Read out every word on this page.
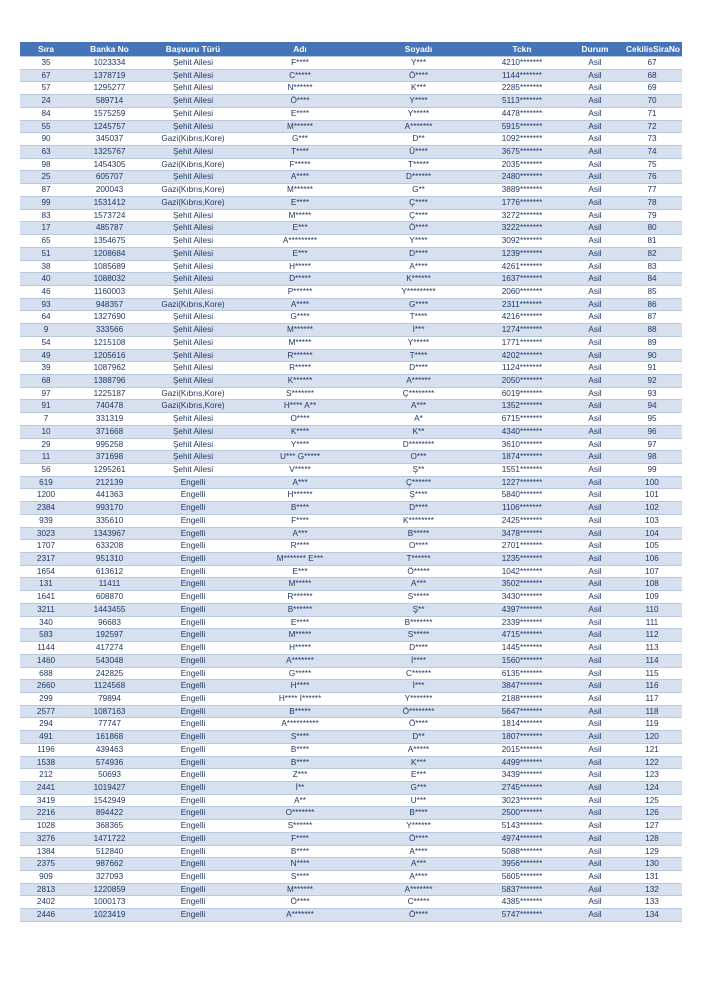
Sıra	Banka No	Başvuru Türü	Adı	Soyadı	Tckn	Durum	CekilisSiraNo
35	1023334	Şehit Ailesi	F****	Y***	4210*******	Asil	67
67	1378719	Şehit Ailesi	C*****	Ö****	1144*******	Asil	68
57	1295277	Şehit Ailesi	N******	K***	2285*******	Asil	69
24	589714	Şehit Ailesi	Ö****	Y****	5113*******	Asil	70
84	1575259	Şehit Ailesi	E****	Y*****	4478*******	Asil	71
55	1245757	Şehit Ailesi	M******	A*******	5915*******	Asil	72
90	345037	Gazi(Kıbrıs,Kore)	G***	D**	1092*******	Asil	73
63	1325767	Şehit Ailesi	T****	Ü****	3675*******	Asil	74
98	1454305	Gazi(Kıbrıs,Kore)	F*****	T*****	2035*******	Asil	75
25	605707	Şehit Ailesi	A****	D******	2480*******	Asil	76
87	200043	Gazi(Kıbrıs,Kore)	M******	G**	3889*******	Asil	77
99	1531412	Gazi(Kıbrıs,Kore)	E****	Ç****	1776*******	Asil	78
83	1573724	Şehit Ailesi	M*****	Ç****	3272*******	Asil	79
17	485787	Şehit Ailesi	E***	Ö****	3222*******	Asil	80
65	1354675	Şehit Ailesi	A*********	Y****	3092*******	Asil	81
51	1208684	Şehit Ailesi	E***	D****	1239*******	Asil	82
38	1085689	Şehit Ailesi	H*****	A****	4261*******	Asil	83
40	1088032	Şehit Ailesi	D*****	K******	1637*******	Asil	84
46	1160003	Şehit Ailesi	P******	Y*********	2060*******	Asil	85
93	948357	Gazi(Kıbrıs,Kore)	A****	G****	2311*******	Asil	86
64	1327690	Şehit Ailesi	G****	T****	4216*******	Asil	87
9	333566	Şehit Ailesi	M******	İ***	1274*******	Asil	88
54	1215108	Şehit Ailesi	M*****	Y*****	1771*******	Asil	89
49	1205616	Şehit Ailesi	R******	T****	4202*******	Asil	90
39	1087962	Şehit Ailesi	R*****	D****	1124*******	Asil	91
68	1388796	Şehit Ailesi	K******	A******	2050*******	Asil	92
97	1225187	Gazi(Kıbrıs,Kore)	S*******	Ç********	6019*******	Asil	93
91	740478	Gazi(Kıbrıs,Kore)	H**** A**	A***	1352*******	Asil	94
7	331319	Şehit Ailesi	O****	A*	6715*******	Asil	95
10	371668	Şehit Ailesi	K****	K**	4340*******	Asil	96
29	995258	Şehit Ailesi	Y****	D********	3610*******	Asil	97
11	371698	Şehit Ailesi	U*** G*****	O***	1874*******	Asil	98
56	1295261	Şehit Ailesi	V*****	Ş**	1551*******	Asil	99
619	212139	Engelli	A***	Ç******	1227*******	Asil	100
1200	441363	Engelli	H******	Ş****	5840*******	Asil	101
2384	993170	Engelli	B****	D****	1106*******	Asil	102
939	335610	Engelli	F****	K********	2425*******	Asil	103
3023	1343967	Engelli	A***	B*****	3478*******	Asil	104
1707	633208	Engelli	R****	O****	2701*******	Asil	105
2317	951310	Engelli	M******* E***	T******	1235*******	Asil	106
1654	613612	Engelli	E***	Ö*****	1042*******	Asil	107
131	11411	Engelli	M*****	A***	3502*******	Asil	108
1641	608870	Engelli	R******	S*****	3430*******	Asil	109
3211	1443455	Engelli	B******	Ş**	4397*******	Asil	110
340	96683	Engelli	E****	B*******	2339*******	Asil	111
583	192597	Engelli	M*****	S*****	4715*******	Asil	112
1144	417274	Engelli	H*****	D****	1445*******	Asil	113
1460	543048	Engelli	A*******	İ****	1560*******	Asil	114
688	242825	Engelli	G*****	C******	6135*******	Asil	115
2660	1124568	Engelli	H****	İ***	3847*******	Asil	116
299	79894	Engelli	H**** İ******	Y*******	2188*******	Asil	117
2577	1087163	Engelli	B*****	Ö********	5647*******	Asil	118
294	77747	Engelli	A**********	Ö****	1814*******	Asil	119
491	161868	Engelli	S****	D**	1807*******	Asil	120
1196	439463	Engelli	B****	A*****	2015*******	Asil	121
1538	574936	Engelli	B****	K***	4499*******	Asil	122
212	50693	Engelli	Z***	E***	3439*******	Asil	123
2441	1019427	Engelli	İ**	G***	2745*******	Asil	124
3419	1542949	Engelli	A**	U***	3023*******	Asil	125
2216	894422	Engelli	O*******	B****	2500*******	Asil	126
1028	368365	Engelli	S******	Y******	5143*******	Asil	127
3276	1471722	Engelli	F****	Ö****	4974*******	Asil	128
1384	512840	Engelli	B****	A****	5088*******	Asil	129
2375	987662	Engelli	N****	A***	3956*******	Asil	130
909	327093	Engelli	S****	A****	5605*******	Asil	131
2813	1220859	Engelli	M******	A*******	5837*******	Asil	132
2402	1000173	Engelli	Ö****	C*****	4385*******	Asil	133
2446	1023419	Engelli	A*******	Ö****	5747*******	Asil	134
